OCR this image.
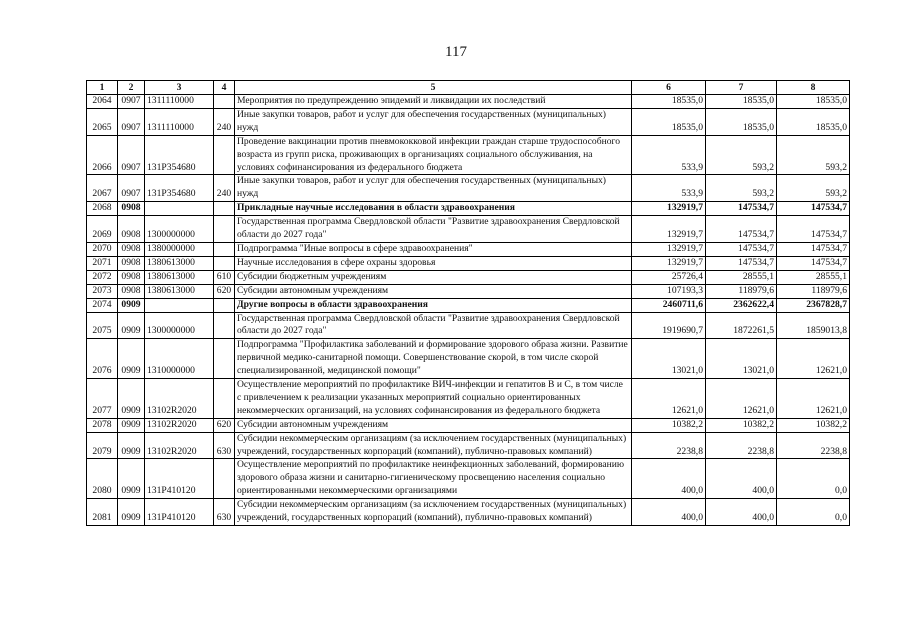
117
1	2	3	4	5	6	7	8
2064	0907	1311110000		Мероприятия по предупреждению эпидемий и ликвидации их последствий	18535,0	18535,0	18535,0
2065	0907	1311110000	240	Иные закупки товаров, работ и услуг для обеспечения государственных (муниципальных) нужд	18535,0	18535,0	18535,0
2066	0907	131P354680		Проведение вакцинации против пневмококковой инфекции граждан старше трудоспособного возраста из групп риска, проживающих в организациях социального обслуживания, на условиях софинансирования из федерального бюджета	533,9	593,2	593,2
2067	0907	131P354680	240	Иные закупки товаров, работ и услуг для обеспечения государственных (муниципальных) нужд	533,9	593,2	593,2
2068	0908			Прикладные научные исследования в области здравоохранения	132919,7	147534,7	147534,7
2069	0908	1300000000		Государственная программа Свердловской области "Развитие здравоохранения Свердловской области до 2027 года"	132919,7	147534,7	147534,7
2070	0908	1380000000		Подпрограмма "Иные вопросы в сфере здравоохранения"	132919,7	147534,7	147534,7
2071	0908	1380613000		Научные исследования в сфере охраны здоровья	132919,7	147534,7	147534,7
2072	0908	1380613000	610	Субсидии бюджетным учреждениям	25726,4	28555,1	28555,1
2073	0908	1380613000	620	Субсидии автономным учреждениям	107193,3	118979,6	118979,6
2074	0909			Другие вопросы в области здравоохранения	2460711,6	2362622,4	2367828,7
2075	0909	1300000000		Государственная программа Свердловской области "Развитие здравоохранения Свердловской области до 2027 года"	1919690,7	1872261,5	1859013,8
2076	0909	1310000000		Подпрограмма "Профилактика заболеваний и формирование здорового образа жизни. Развитие первичной медико-санитарной помощи. Совершенствование скорой, в том числе скорой специализированной, медицинской помощи"	13021,0	13021,0	12621,0
2077	0909	13102R2020		Осуществление мероприятий по профилактике ВИЧ-инфекции и гепатитов В и С, в том числе с привлечением к реализации указанных мероприятий социально ориентированных некоммерческих организаций, на условиях софинансирования из федерального бюджета	12621,0	12621,0	12621,0
2078	0909	13102R2020	620	Субсидии автономным учреждениям	10382,2	10382,2	10382,2
2079	0909	13102R2020	630	Субсидии некоммерческим организациям (за исключением государственных (муниципальных) учреждений, государственных корпораций (компаний), публично-правовых компаний)	2238,8	2238,8	2238,8
2080	0909	131P410120		Осуществление мероприятий по профилактике неинфекционных заболеваний, формированию здорового образа жизни и санитарно-гигиеническому просвещению населения социально ориентированными некоммерческими организациями	400,0	400,0	0,0
2081	0909	131P410120	630	Субсидии некоммерческим организациям (за исключением государственных (муниципальных) учреждений, государственных корпораций (компаний), публично-правовых компаний)	400,0	400,0	0,0
